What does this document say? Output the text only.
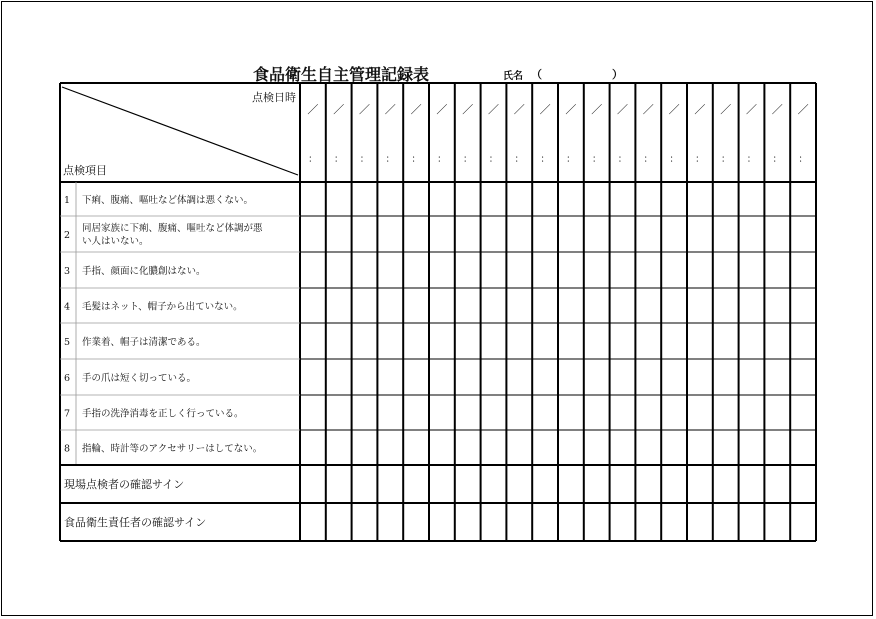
食品衛生自主管理記録表	氏名 （	）
点検日時
点検項目
／
：
／
：
／
：
／
：
／
：
／
：
／
：
／
：
／
：
／
：
／
：
／
：
／
：
／
：
／
：
／
：
／
：
／
：
／
：
／
：
1 下痢、腹痛、嘔吐など体調は悪くない。
2
同居家族に下痢、腹痛、嘔吐など体調が悪
い人はいない。
3 手指、顔面に化膿創はない。
4 毛髪はネット、帽子から出ていない。
5 作業着、帽子は清潔である。
6 手の爪は短く切っている。
7 手指の洗浄消毒を正しく行っている。
8 指輪、時計等のアクセサリーはしてない。
現場点検者の確認サイン
食品衛生責任者の確認サイン
